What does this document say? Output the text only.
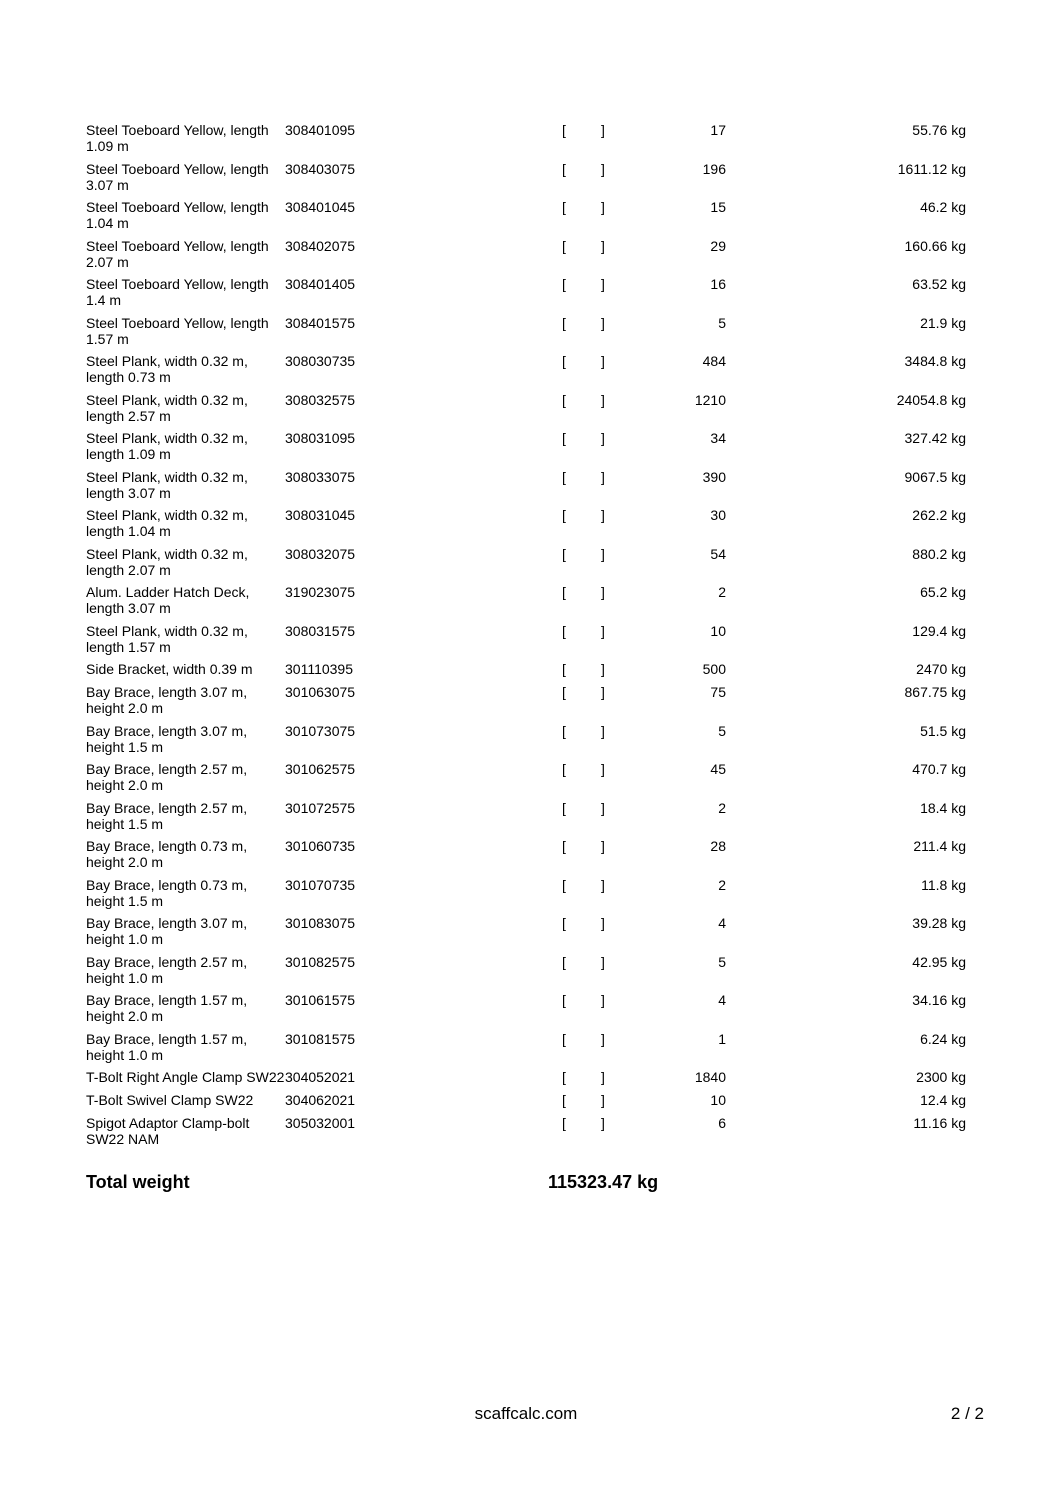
Steel Toeboard Yellow, length 1.09 m
308401095	[	]	17	55.76 kg
Steel Toeboard Yellow, length 3.07 m
308403075	[	]	196	1611.12 kg
Steel Toeboard Yellow, length 1.04 m
308401045	[	]	15	46.2 kg
Steel Toeboard Yellow, length 2.07 m
308402075	[	]	29	160.66 kg
Steel Toeboard Yellow, length 1.4 m
308401405	[	]	16	63.52 kg
Steel Toeboard Yellow, length 1.57 m
308401575	[	]	5	21.9 kg
Steel Plank, width 0.32 m, length 0.73 m
308030735	[	]	484	3484.8 kg
Steel Plank, width 0.32 m, length 2.57 m
308032575	[	]	1210	24054.8 kg
Steel Plank, width 0.32 m, length 1.09 m
308031095	[	]	34	327.42 kg
Steel Plank, width 0.32 m, length 3.07 m
308033075	[	]	390	9067.5 kg
Steel Plank, width 0.32 m, length 1.04 m
308031045	[	]	30	262.2 kg
Steel Plank, width 0.32 m, length 2.07 m
308032075	[	]	54	880.2 kg
Alum. Ladder Hatch Deck, length 3.07 m
319023075	[	]	2	65.2 kg
Steel Plank, width 0.32 m, length 1.57 m
308031575	[	]	10	129.4 kg
Side Bracket, width 0.39 m	301110395	[	]	500	2470 kg
Bay Brace, length 3.07 m, height 2.0 m
301063075	[	]	75	867.75 kg
Bay Brace, length 3.07 m, height 1.5 m
301073075	[	]	5	51.5 kg
Bay Brace, length 2.57 m, height 2.0 m
301062575	[	]	45	470.7 kg
Bay Brace, length 2.57 m, height 1.5 m
301072575	[	]	2	18.4 kg
Bay Brace, length 0.73 m, height 2.0 m
301060735	[	]	28	211.4 kg
Bay Brace, length 0.73 m, height 1.5 m
301070735	[	]	2	11.8 kg
Bay Brace, length 3.07 m, height 1.0 m
301083075	[	]	4	39.28 kg
Bay Brace, length 2.57 m, height 1.0 m
301082575	[	]	5	42.95 kg
Bay Brace, length 1.57 m, height 2.0 m
301061575	[	]	4	34.16 kg
Bay Brace, length 1.57 m, height 1.0 m
301081575	[	]	1	6.24 kg
T-Bolt Right Angle Clamp SW22 304052021	[	]	1840	2300 kg
T-Bolt Swivel Clamp SW22	304062021	[	]	10	12.4 kg
Spigot Adaptor Clamp-bolt SW22 NAM
305032001	[	]	6	11.16 kg
Total weight	115323.47 kg
scaffcalc.com	2 / 2
